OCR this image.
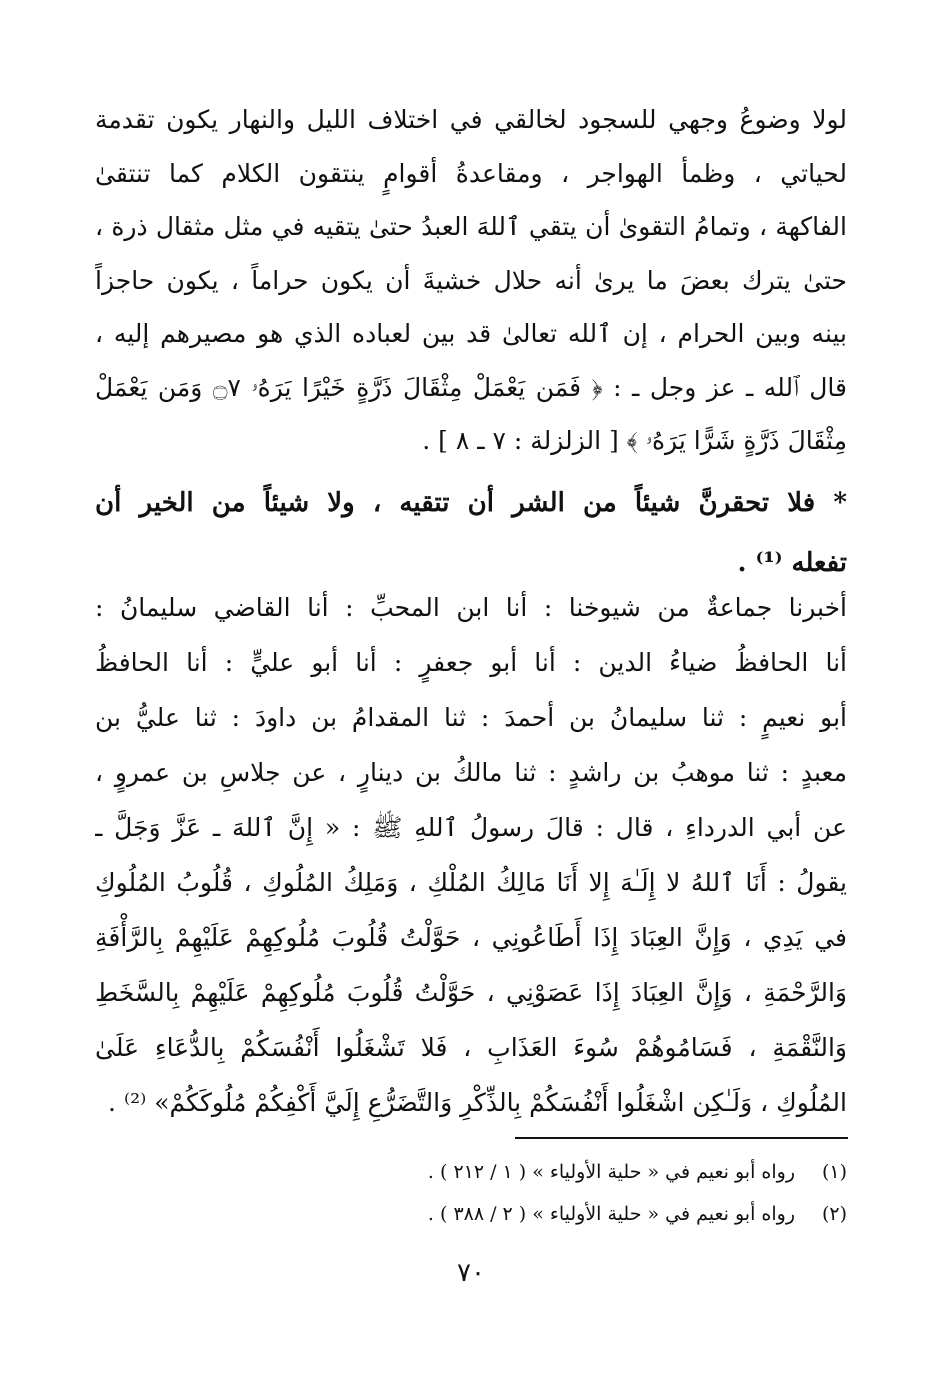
لولا وضوعُ وجهي للسجود لخالقي في اختلاف الليل والنهار يكون تقدمة
لحياتي ، وظمأ الهواجر ، ومقاعدةُ أقوامٍ ينتقون الكلام كما تنتقىٰ
الفاكهة ، وتمامُ التقوىٰ أن يتقي ٱللهَ العبدُ حتىٰ يتقيه في مثل مثقال ذرة ،
حتىٰ يترك بعضَ ما يرىٰ أنه حلال خشيةَ أن يكون حراماً ، يكون حاجزاً
بينه وبين الحرام ، إن ٱلله تعالىٰ قد بين لعباده الذي هو مصيرهم إليه ،
قال ٱلله ـ عز وجل ـ : ﴿ فَمَن يَعْمَلْ مِثْقَالَ ذَرَّةٍ خَيْرًا يَرَهُۥ ۝٧ وَمَن يَعْمَلْ
مِثْقَالَ ذَرَّةٍ شَرًّا يَرَهُۥ ﴾ [ الزلزلة : ٧ ـ ٨ ] .
* فلا تحقرنَّ شيئاً من الشر أن تتقيه ، ولا شيئاً من الخير أن
تفعله ⁽¹⁾ .
أخبرنا جماعةٌ من شيوخنا : أنا ابن المحبِّ : أنا القاضي سليمانُ :
أنا الحافظُ ضياءُ الدين : أنا أبو جعفرٍ : أنا أبو عليٍّ : أنا الحافظُ
أبو نعيمٍ : ثنا سليمانُ بن أحمدَ : ثنا المقدامُ بن داودَ : ثنا عليُّ بن
معبدٍ : ثنا موهبُ بن راشدٍ : ثنا مالكُ بن دينارٍ ، عن جلاسِ بن عمروٍ ،
عن أبي الدرداءِ ، قال : قالَ رسولُ ٱللهِ ﷺ : « إِنَّ ٱللهَ ـ عَزَّ وَجَلَّ ـ
يقولُ : أَنَا ٱللهُ لا إِلَـٰهَ إِلا أَنَا مَالِكُ المُلْكِ ، وَمَلِكُ المُلُوكِ ، قُلُوبُ المُلُوكِ
في يَدِي ، وَإِنَّ العِبَادَ إِذَا أَطَاعُونِي ، حَوَّلْتُ قُلُوبَ مُلُوكِهِمْ عَلَيْهِمْ بِالرَّأْفَةِ
وَالرَّحْمَةِ ، وَإِنَّ العِبَادَ إِذَا عَصَوْنِي ، حَوَّلْتُ قُلُوبَ مُلُوكِهِمْ عَلَيْهِمْ بِالسَّخَطِ
وَالنَّقْمَةِ ، فَسَامُوهُمْ سُوءَ العَذَابِ ، فَلا تَشْغَلُوا أَنْفُسَكُمْ بِالدُّعَاءِ عَلَىٰ
المُلُوكِ ، وَلَـٰكِن اشْغَلُوا أَنْفُسَكُمْ بِالذِّكْرِ وَالتَّضَرُّعِ إِلَيَّ أَكْفِكُمْ مُلُوكَكُمْ» ⁽²⁾ .
(١)رواه أبو نعيم في « حلية الأولياء » ( ١ / ٢١٢ ) .
(٢)رواه أبو نعيم في « حلية الأولياء » ( ٢ / ٣٨٨ ) .
٧٠
